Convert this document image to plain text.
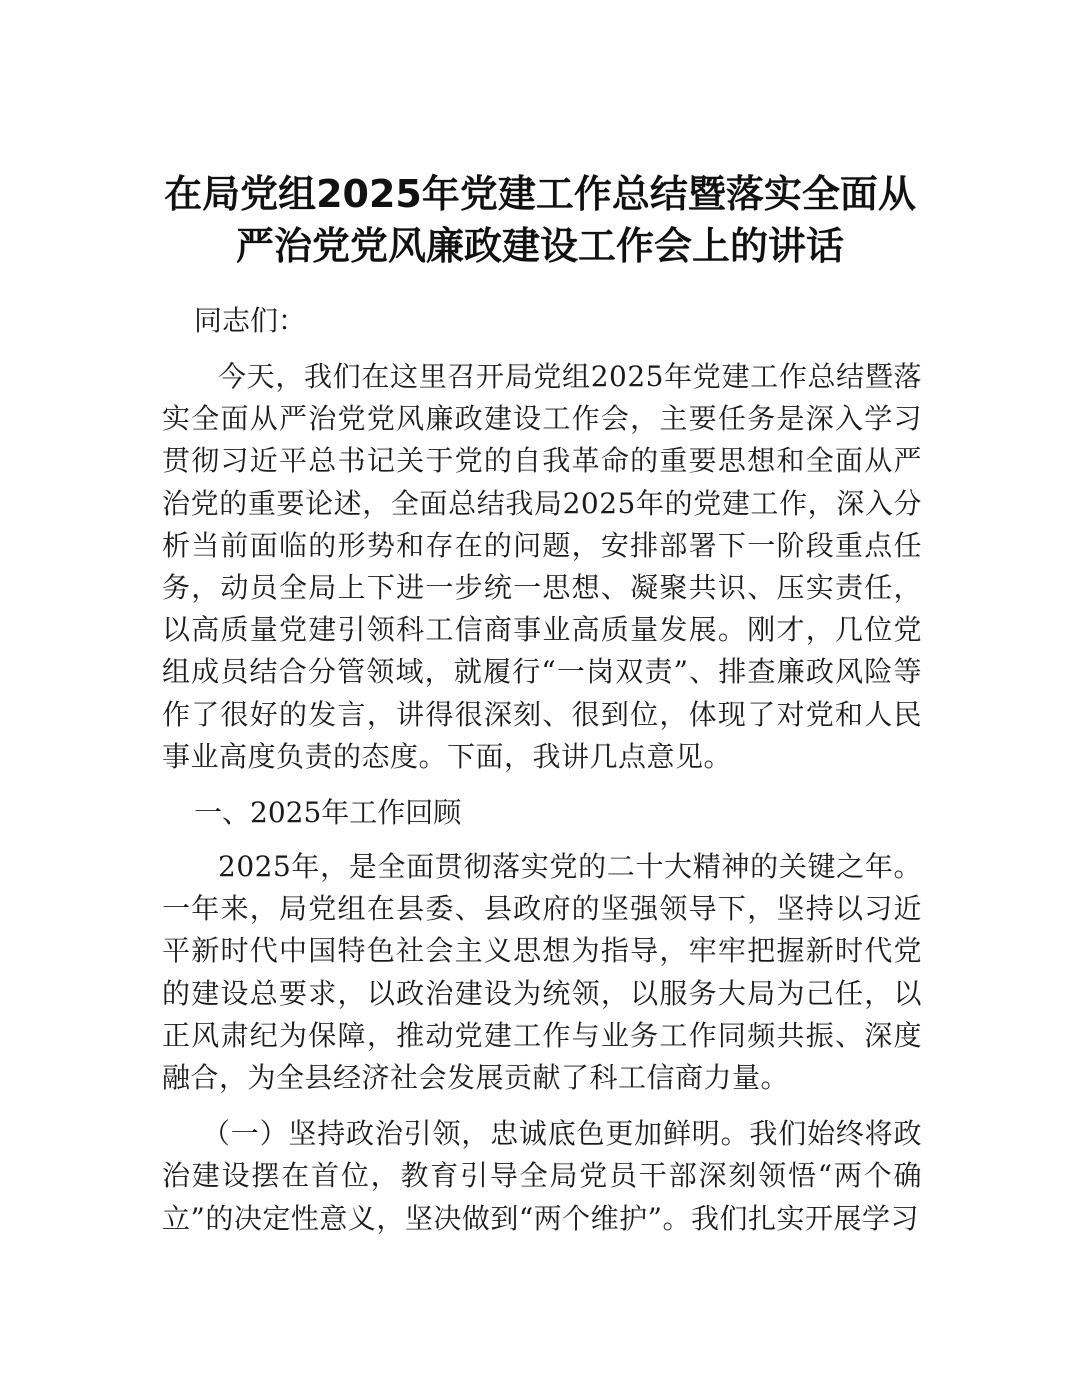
在局党组2025年党建工作总结暨落实全面从
严治党党风廉政建设工作会上的讲话

同志们：

今天，我们在这里召开局党组2025年党建工作总结暨落实全面从严治党党风廉政建设工作会，主要任务是深入学习贯彻习近平总书记关于党的自我革命的重要思想和全面从严治党的重要论述，全面总结我局2025年的党建工作，深入分析当前面临的形势和存在的问题，安排部署下一阶段重点任务，动员全局上下进一步统一思想、凝聚共识、压实责任，以高质量党建引领科工信商事业高质量发展。刚才，几位党组成员结合分管领域，就履行“一岗双责”、排查廉政风险等作了很好的发言，讲得很深刻、很到位，体现了对党和人民事业高度负责的态度。下面，我讲几点意见。

一、2025年工作回顾

2025年，是全面贯彻落实党的二十大精神的关键之年。一年来，局党组在县委、县政府的坚强领导下，坚持以习近平新时代中国特色社会主义思想为指导，牢牢把握新时代党的建设总要求，以政治建设为统领，以服务大局为己任，以正风肃纪为保障，推动党建工作与业务工作同频共振、深度融合，为全县经济社会发展贡献了科工信商力量。

（一）坚持政治引领，忠诚底色更加鲜明。我们始终将政治建设摆在首位，教育引导全局党员干部深刻领悟“两个确立”的决定性意义，坚决做到“两个维护”。我们扎实开展学习
